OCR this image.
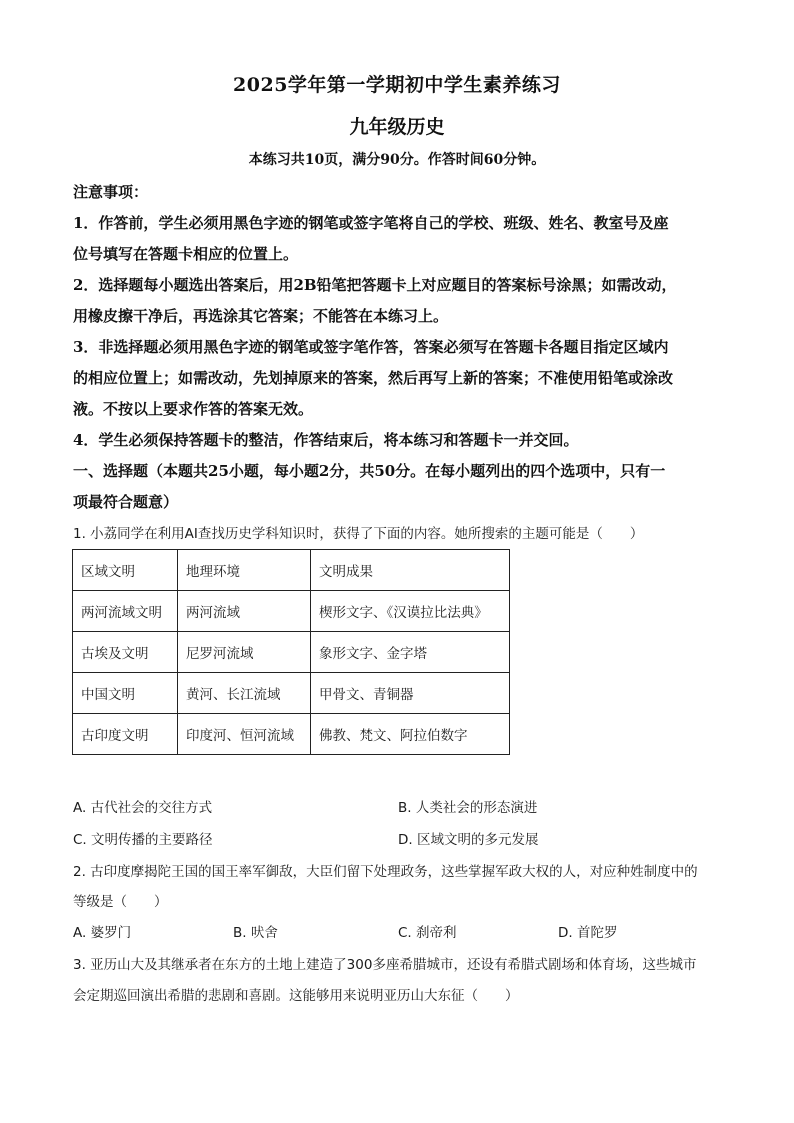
2025学年第一学期初中学生素养练习
九年级历史
本练习共10页，满分90分。作答时间60分钟。
注意事项：
1．作答前，学生必须用黑色字迹的钢笔或签字笔将自己的学校、班级、姓名、教室号及座
位号填写在答题卡相应的位置上。
2．选择题每小题选出答案后，用2B铅笔把答题卡上对应题目的答案标号涂黑；如需改动，
用橡皮擦干净后，再选涂其它答案；不能答在本练习上。
3．非选择题必须用黑色字迹的钢笔或签字笔作答，答案必须写在答题卡各题目指定区域内
的相应位置上；如需改动，先划掉原来的答案，然后再写上新的答案；不准使用铅笔或涂改
液。不按以上要求作答的答案无效。
4．学生必须保持答题卡的整洁，作答结束后，将本练习和答题卡一并交回。
一、选择题（本题共25小题，每小题2分，共50分。在每小题列出的四个选项中，只有一
项最符合题意）
1. 小荔同学在利用AI查找历史学科知识时，获得了下面的内容。她所搜索的主题可能是（　　）
区域文明	地理环境	文明成果
两河流域文明	两河流域	楔形文字、《汉谟拉比法典》
古埃及文明	尼罗河流域	象形文字、金字塔
中国文明	黄河、长江流域	甲骨文、青铜器
古印度文明	印度河、恒河流域	佛教、梵文、阿拉伯数字
A. 古代社会的交往方式	B. 人类社会的形态演进
C. 文明传播的主要路径	D. 区域文明的多元发展
2. 古印度摩揭陀王国的国王率军御敌，大臣们留下处理政务，这些掌握军政大权的人，对应种姓制度中的
等级是（　　）
A. 婆罗门	B. 吠舍	C. 刹帝利	D. 首陀罗
3. 亚历山大及其继承者在东方的土地上建造了300多座希腊城市，还设有希腊式剧场和体育场，这些城市
会定期巡回演出希腊的悲剧和喜剧。这能够用来说明亚历山大东征（　　）
